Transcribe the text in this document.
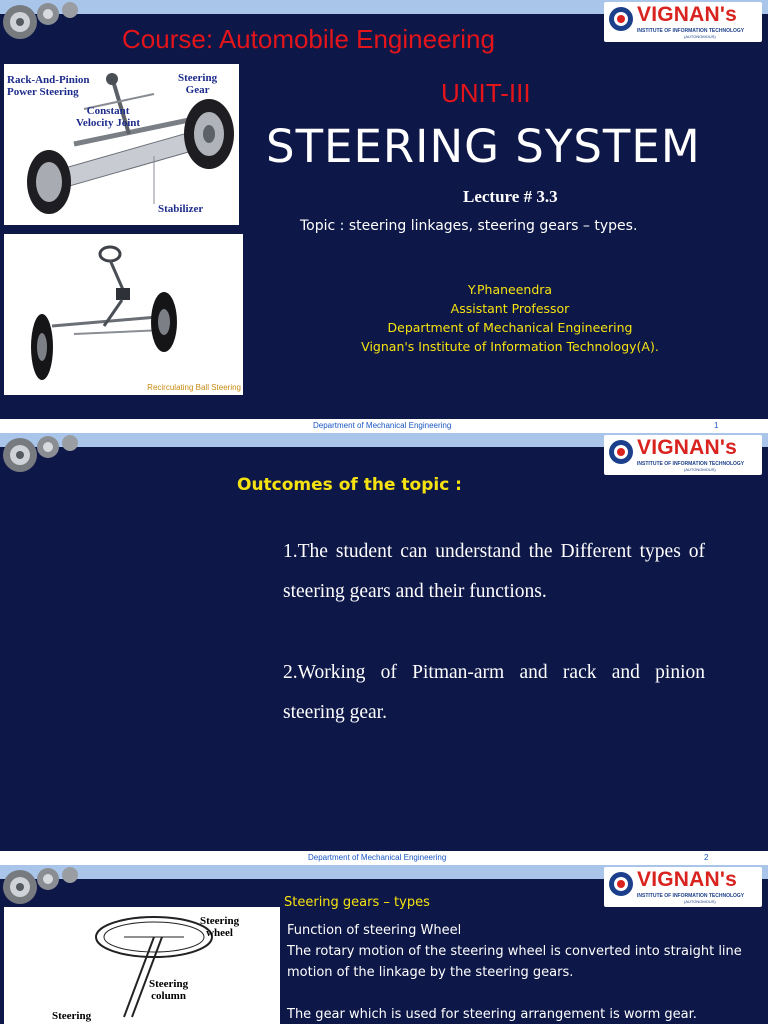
VIGNAN's
INSTITUTE OF INFORMATION TECHNOLOGY
(AUTONOMOUS)
Course: Automobile Engineering
UNIT-III
STEERING SYSTEM
Lecture # 3.3
Topic : steering linkages, steering gears – types.
Y.Phaneendra
Assistant Professor
Department of Mechanical Engineering
Vignan's Institute of Information Technology(A).
Rack-And-Pinion
Power Steering
Steering
Gear
Constant
Velocity Joint
Stabilizer
Recirculating Ball Steering
Department of Mechanical Engineering	1
VIGNAN's
INSTITUTE OF INFORMATION TECHNOLOGY
(AUTONOMOUS)
Outcomes of the topic :
1.The student can understand the Different types of steering gears and their functions.
2.Working of Pitman-arm and rack and pinion steering gear.
Department of Mechanical Engineering	2
VIGNAN's
INSTITUTE OF INFORMATION TECHNOLOGY
(AUTONOMOUS)
Steering
wheel
Steering
column
Steering
Steering gears – types
Function of steering Wheel
The rotary motion of the steering wheel is converted into straight line motion of the linkage by the steering gears.
The gear which is used for steering arrangement is worm gear.
